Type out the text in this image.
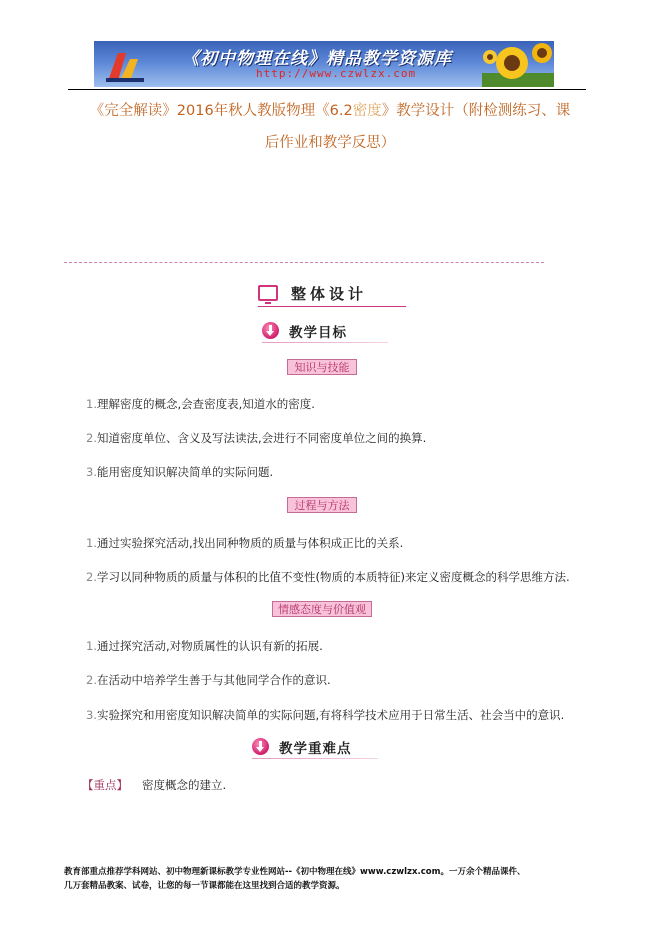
《初中物理在线》精品教学资源库
http://www.czwlzx.com
《完全解读》2016年秋人教版物理《6.2密度》教学设计（附检测练习、课
后作业和教学反思）
整体设计
教学目标
知识与技能
1.理解密度的概念,会查密度表,知道水的密度.
2.知道密度单位、含义及写法读法,会进行不同密度单位之间的换算.
3.能用密度知识解决简单的实际问题.
过程与方法
1.通过实验探究活动,找出同种物质的质量与体积成正比的关系.
2.学习以同种物质的质量与体积的比值不变性(物质的本质特征)来定义密度概念的科学思维方法.
情感态度与价值观
1.通过探究活动,对物质属性的认识有新的拓展.
2.在活动中培养学生善于与其他同学合作的意识.
3.实验探究和用密度知识解决简单的实际问题,有将科学技术应用于日常生活、社会当中的意识.
教学重难点
【重点】 密度概念的建立.
教育部重点推荐学科网站、初中物理新课标教学专业性网站--《初中物理在线》www.czwlzx.com。一万余个精品课件、
几万套精品教案、试卷，让您的每一节课都能在这里找到合适的教学资源。
